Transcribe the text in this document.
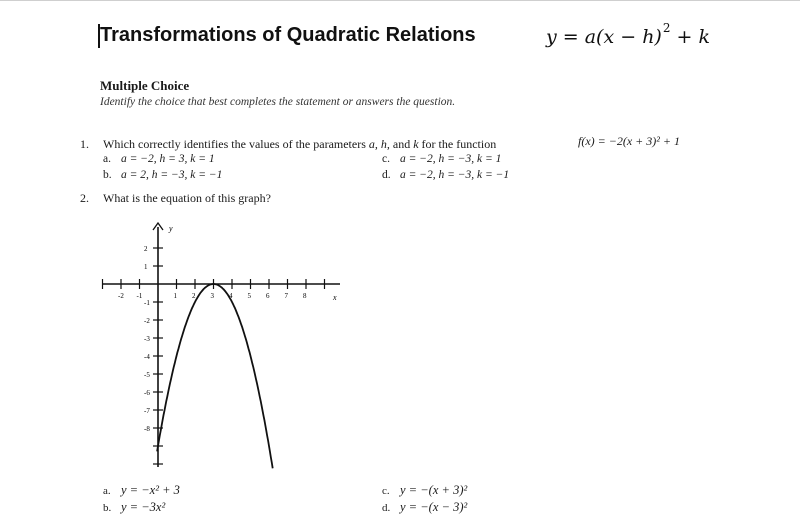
Transformations of Quadratic Relations	$y = a(x - h)^2 + k$
Multiple Choice
Identify the choice that best completes the statement or answers the question.
1. Which correctly identifies the values of the parameters a, h, and k for the function	f(x) = −2(x + 3)² + 1
a. a = −2, h = 3, k = 1
b. a = 2, h = −3, k = −1
c. a = −2, h = −3, k = 1
d. a = −2, h = −3, k = −1
2. What is the equation of this graph?
-2 -1	1 2 3 4 5 6 7 8
2
1
-1
-2
-3
-4
-5
-6
-7
-8
x
y
a. y = −x² + 3
b. y = −3x²
c. y = −(x + 3)²
d. y = −(x − 3)²
